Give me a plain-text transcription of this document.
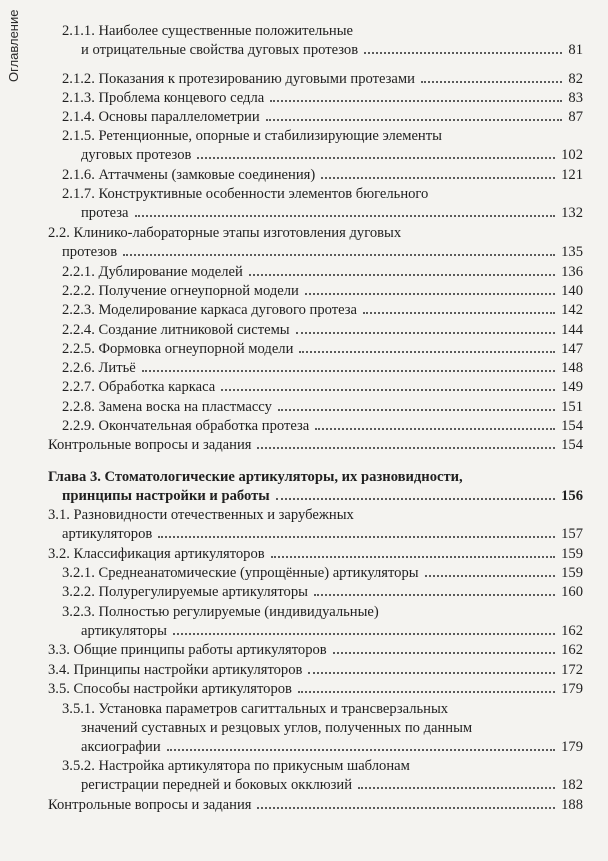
Оглавление	2.1.1. Наиболее существенные положительные
и отрицательные свойства дуговых протезов	81
2.1.2. Показания к протезированию дуговыми протезами	82
2.1.3. Проблема концевого седла	83
2.1.4. Основы параллелометрии	87
2.1.5. Ретенционные, опорные и стабилизирующие элементы
дуговых протезов	102
2.1.6. Аттачмены (замковые соединения)	121
2.1.7. Конструктивные особенности элементов бюгельного
протеза	132
2.2. Клинико-лабораторные этапы изготовления дуговых
протезов	135
2.2.1. Дублирование моделей	136
2.2.2. Получение огнеупорной модели	140
2.2.3. Моделирование каркаса дугового протеза	142
2.2.4. Создание литниковой системы	144
2.2.5. Формовка огнеупорной модели	147
2.2.6. Литьё	148
2.2.7. Обработка каркаса	149
2.2.8. Замена воска на пластмассу	151
2.2.9. Окончательная обработка протеза	154
Контрольные вопросы и задания	154
Глава 3. Стоматологические артикуляторы, их разновидности,
принципы настройки и работы	156
3.1. Разновидности отечественных и зарубежных
артикуляторов	157
3.2. Классификация артикуляторов	159
3.2.1. Среднеанатомические (упрощённые) артикуляторы	159
3.2.2. Полурегулируемые артикуляторы	160
3.2.3. Полностью регулируемые (индивидуальные)
артикуляторы	162
3.3. Общие принципы работы артикуляторов	162
3.4. Принципы настройки артикуляторов	172
3.5. Способы настройки артикуляторов	179
3.5.1. Установка параметров сагиттальных и трансверзальных
значений суставных и резцовых углов, полученных по данным
аксиографии	179
3.5.2. Настройка артикулятора по прикусным шаблонам
регистрации передней и боковых окклюзий	182
Контрольные вопросы и задания	188
